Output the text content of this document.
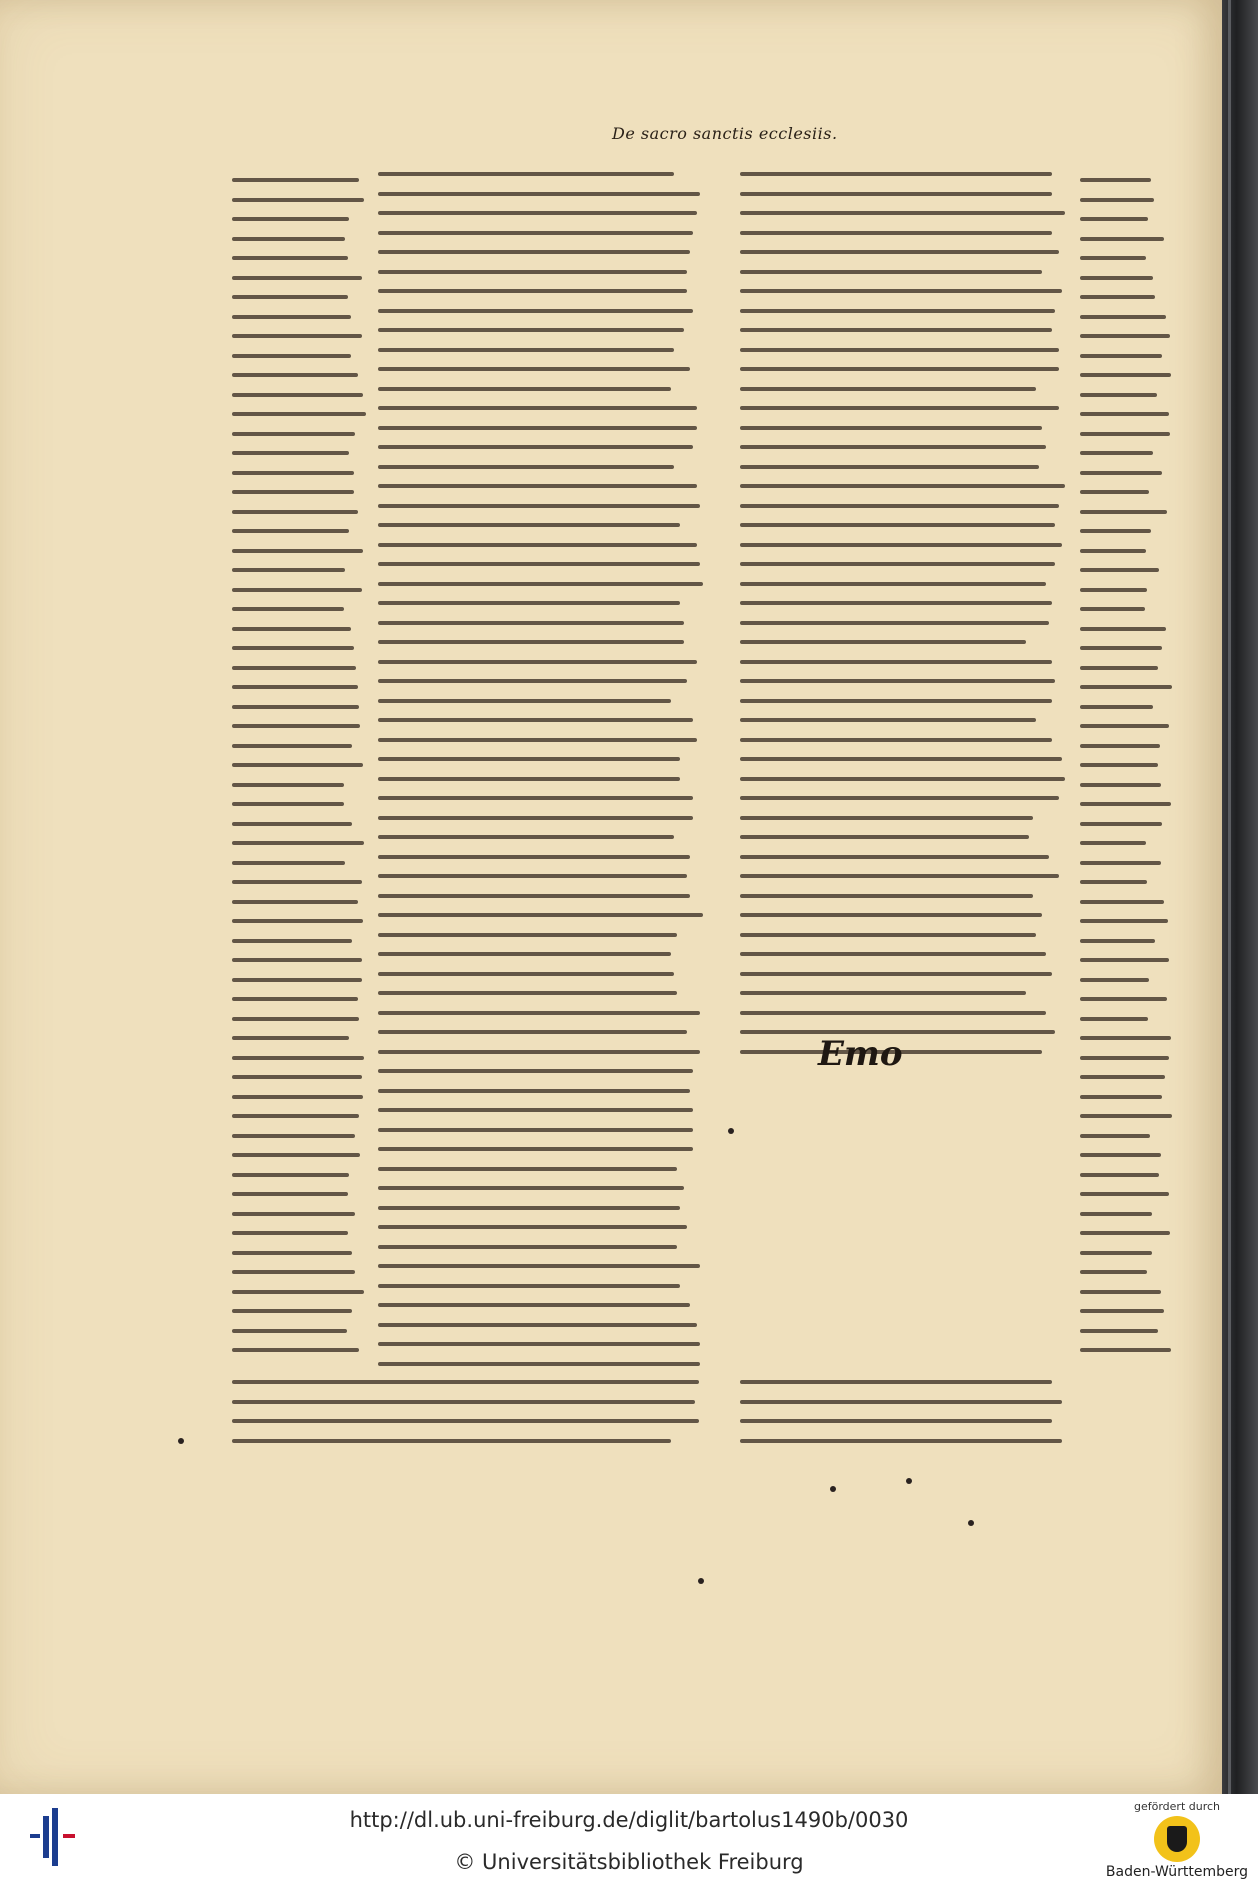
De sacro sanctis ecclesiis.
Emo
http://dl.ub.uni-freiburg.de/diglit/bartolus1490b/0030
© Universitätsbibliothek Freiburg
gefördert durch
Baden-Württemberg
